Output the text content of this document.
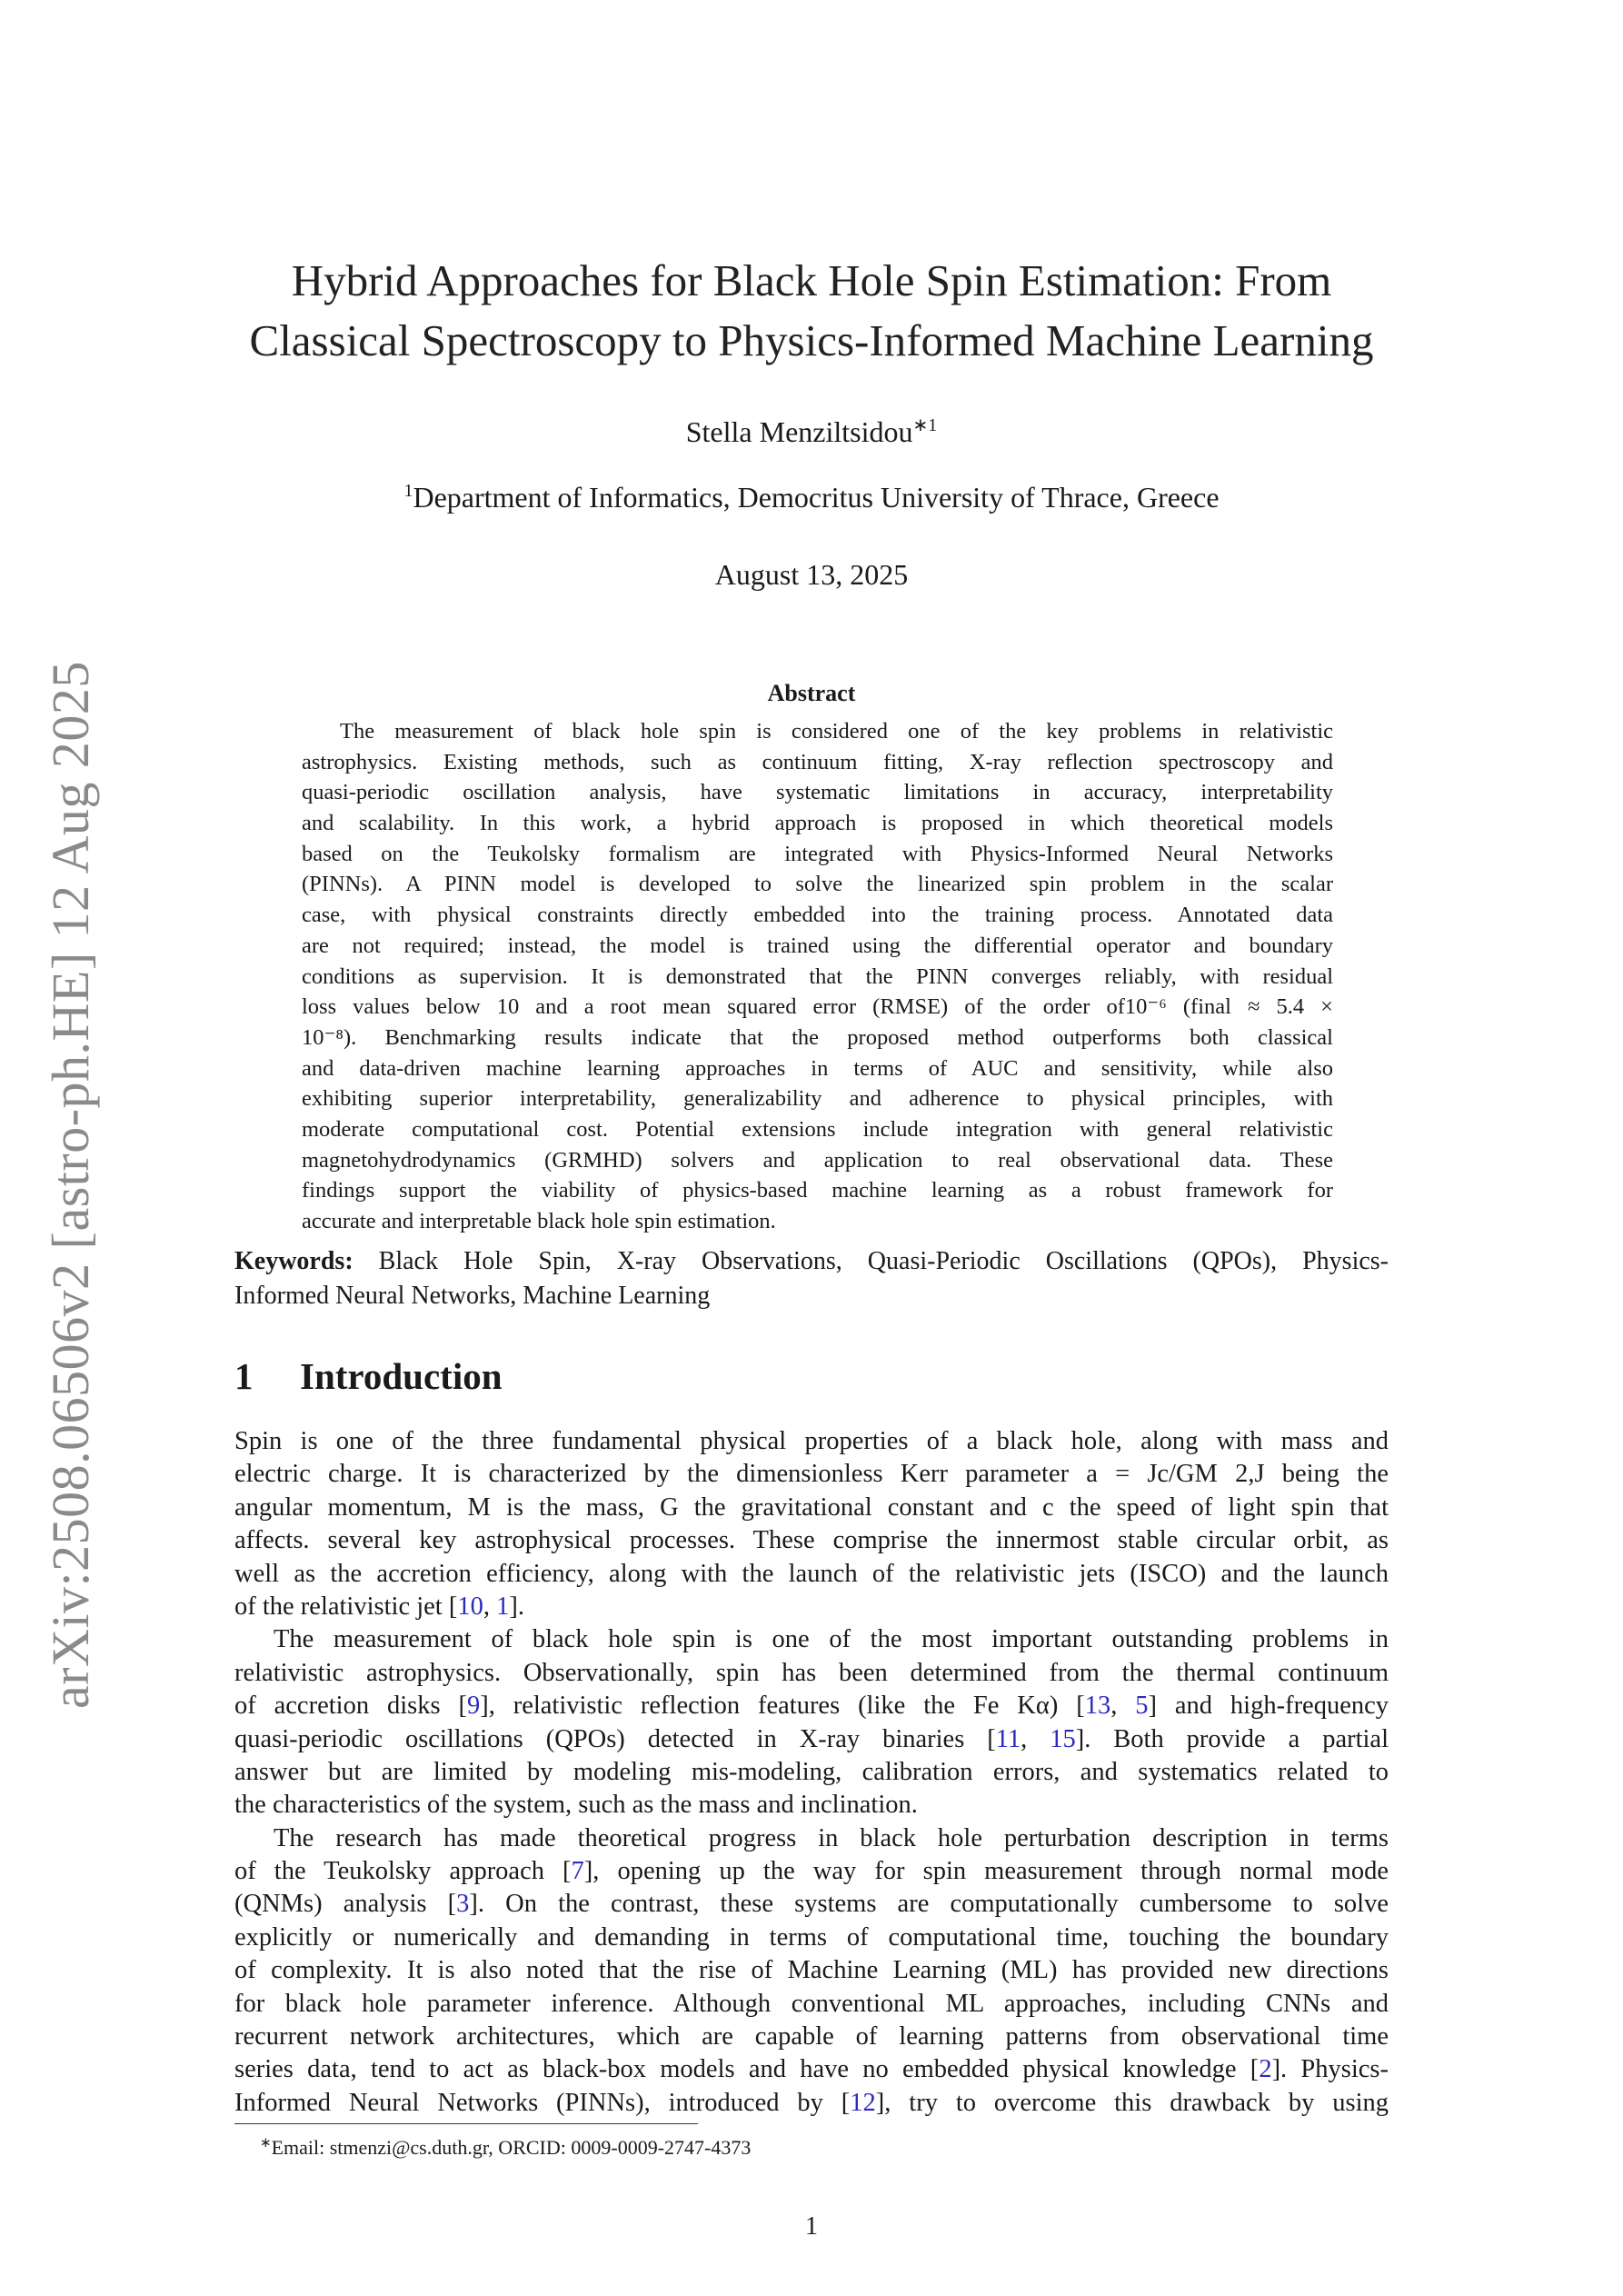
arXiv:2508.06506v2 [astro-ph.HE] 12 Aug 2025
Hybrid Approaches for Black Hole Spin Estimation: From
Classical Spectroscopy to Physics-Informed Machine Learning
Stella Menziltsidou$^{∗1}$
$^1$Department of Informatics, Democritus University of Thrace, Greece
August 13, 2025
Abstract
The measurement of black hole spin is considered one of the key problems in relativistic
astrophysics. Existing methods, such as continuum fitting, X-ray reflection spectroscopy and
quasi-periodic oscillation analysis, have systematic limitations in accuracy, interpretability
and scalability. In this work, a hybrid approach is proposed in which theoretical models
based on the Teukolsky formalism are integrated with Physics-Informed Neural Networks
(PINNs). A PINN model is developed to solve the linearized spin problem in the scalar
case, with physical constraints directly embedded into the training process. Annotated data
are not required; instead, the model is trained using the differential operator and boundary
conditions as supervision. It is demonstrated that the PINN converges reliably, with residual
loss values below 10 and a root mean squared error (RMSE) of the order of10⁻⁶ (final ≈ 5.4 ×
10⁻⁸). Benchmarking results indicate that the proposed method outperforms both classical
and data-driven machine learning approaches in terms of AUC and sensitivity, while also
exhibiting superior interpretability, generalizability and adherence to physical principles, with
moderate computational cost. Potential extensions include integration with general relativistic
magnetohydrodynamics (GRMHD) solvers and application to real observational data. These
findings support the viability of physics-based machine learning as a robust framework for
accurate and interpretable black hole spin estimation.
Keywords: Black Hole Spin, X-ray Observations, Quasi-Periodic Oscillations (QPOs), Physics-
Informed Neural Networks, Machine Learning
1 Introduction
Spin is one of the three fundamental physical properties of a black hole, along with mass and
electric charge. It is characterized by the dimensionless Kerr parameter a = Jc/GM 2,J being the
angular momentum, M is the mass, G the gravitational constant and c the speed of light spin that
affects. several key astrophysical processes. These comprise the innermost stable circular orbit, as
well as the accretion efficiency, along with the launch of the relativistic jets (ISCO) and the launch
of the relativistic jet [10, 1].
The measurement of black hole spin is one of the most important outstanding problems in
relativistic astrophysics. Observationally, spin has been determined from the thermal continuum
of accretion disks [9], relativistic reflection features (like the Fe Kα) [13, 5] and high-frequency
quasi-periodic oscillations (QPOs) detected in X-ray binaries [11, 15]. Both provide a partial
answer but are limited by modeling mis-modeling, calibration errors, and systematics related to
the characteristics of the system, such as the mass and inclination.
The research has made theoretical progress in black hole perturbation description in terms
of the Teukolsky approach [7], opening up the way for spin measurement through normal mode
(QNMs) analysis [3]. On the contrast, these systems are computationally cumbersome to solve
explicitly or numerically and demanding in terms of computational time, touching the boundary
of complexity. It is also noted that the rise of Machine Learning (ML) has provided new directions
for black hole parameter inference. Although conventional ML approaches, including CNNs and
recurrent network architectures, which are capable of learning patterns from observational time
series data, tend to act as black-box models and have no embedded physical knowledge [2]. Physics-
Informed Neural Networks (PINNs), introduced by [12], try to overcome this drawback by using
∗Email: stmenzi@cs.duth.gr, ORCID: 0009-0009-2747-4373
1
